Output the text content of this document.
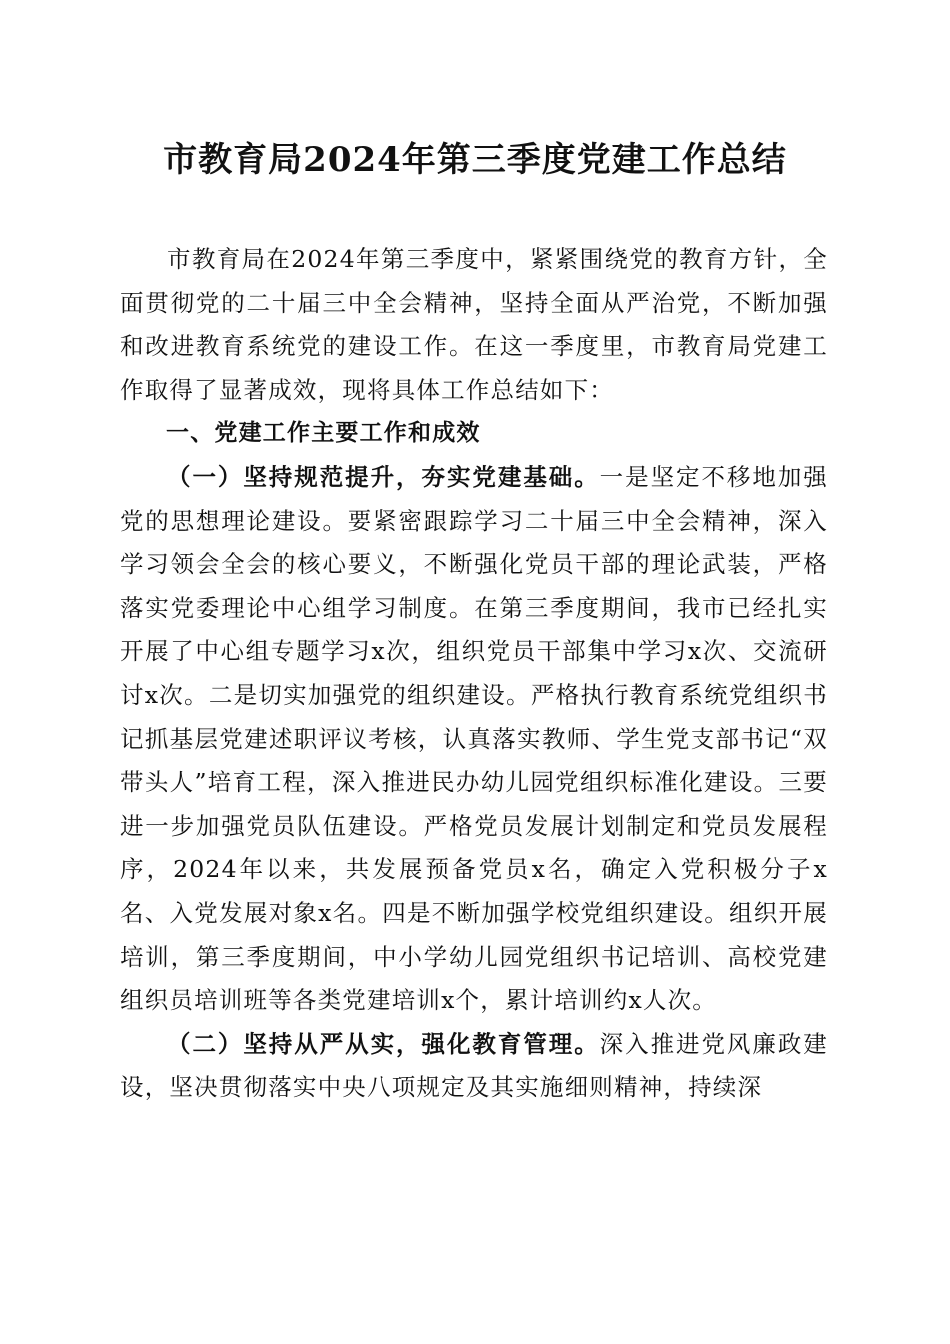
市教育局2024年第三季度党建工作总结

市教育局在2024年第三季度中，紧紧围绕党的教育方针，全面贯彻党的二十届三中全会精神，坚持全面从严治党，不断加强和改进教育系统党的建设工作。在这一季度里，市教育局党建工作取得了显著成效，现将具体工作总结如下：

一、党建工作主要工作和成效

（一）坚持规范提升，夯实党建基础。一是坚定不移地加强党的思想理论建设。要紧密跟踪学习二十届三中全会精神，深入学习领会全会的核心要义，不断强化党员干部的理论武装，严格落实党委理论中心组学习制度。在第三季度期间，我市已经扎实开展了中心组专题学习x次，组织党员干部集中学习x次、交流研讨x次。二是切实加强党的组织建设。严格执行教育系统党组织书记抓基层党建述职评议考核，认真落实教师、学生党支部书记“双带头人”培育工程，深入推进民办幼儿园党组织标准化建设。三要进一步加强党员队伍建设。严格党员发展计划制定和党员发展程序，2024年以来，共发展预备党员x名，确定入党积极分子x名、入党发展对象x名。四是不断加强学校党组织建设。组织开展培训，第三季度期间，中小学幼儿园党组织书记培训、高校党建组织员培训班等各类党建培训x个，累计培训约x人次。

（二）坚持从严从实，强化教育管理。深入推进党风廉政建设，坚决贯彻落实中央八项规定及其实施细则精神，持续深
